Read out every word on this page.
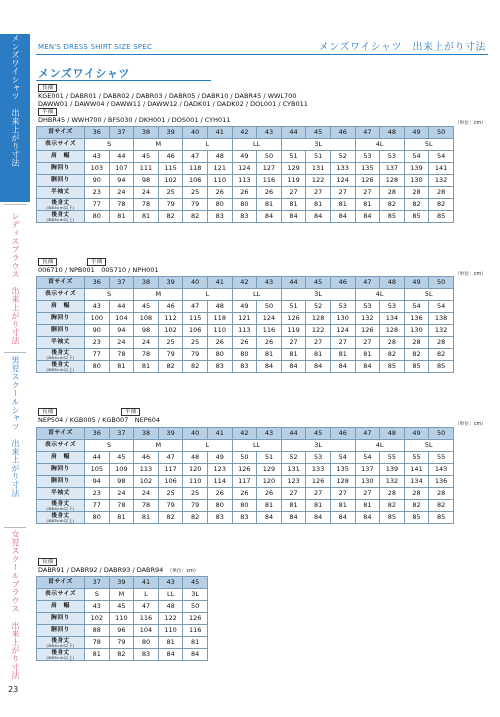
メンズワイシャツ　出来上がり寸法
レディスブラウス　出来上がり寸法
男児スクールシャツ　出来上がり寸法
女児スクールブラウス　出来上がり寸法
23
MEN'S DRESS SHIRT SIZE SPEC	メンズワイシャツ　出来上がり寸法
メンズワイシャツ
長袖
KGE001 / DABR01 / DABR02 / DABR03 / DABR05 / DABR10 / DABR45 / WWL700
DAWW01 / DAWW04 / DAWW11 / DAWW12 / DADK01 / DADK02 / DOL001 / CYB011
半袖
DHBR45 / WWH700 / BFS030 / DKH001 / DOS001 / CYH011	（単位：cm）
首サイズ	36	37	38	39	40	41	42	43	44	45	46	47	48	49	50
表示サイズ	S		M		L		LL		3L			4L		5L	
肩　幅	43	44	45	46	47	48	49	50	51	51	52	53	53	54	54
胸回り	103	107	111	115	118	121	124	127	129	131	133	135	137	139	141
胴回り	90	94	98	102	106	110	113	116	119	122	124	126	128	130	132
半袖丈	23	24	24	25	25	26	26	26	27	27	27	27	28	28	28
後身丈
(B84cm以下)	77	78	78	79	79	80	80	81	81	81	81	81	82	82	82
後身丈
(B85cm以上)	80	81	81	82	82	83	83	84	84	84	84	84	85	85	85
長袖	半袖
006710 / NPB001　005710 / NPH001
（単位：cm）
首サイズ	36	37	38	39	40	41	42	43	44	45	46	47	48	49	50
表示サイズ	S		M		L		LL		3L			4L		5L	
肩　幅	43	44	45	46	47	48	49	50	51	52	53	53	53	54	54
胸回り	100	104	108	112	115	118	121	124	126	128	130	132	134	136	138
胴回り	90	94	98	102	106	110	113	116	119	122	124	126	128	130	132
半袖丈	23	24	24	25	25	26	26	26	27	27	27	27	28	28	28
後身丈
(B84cm以下)	77	78	78	79	79	80	80	81	81	81	81	81	82	82	82
後身丈
(B85cm以上)	80	81	81	82	82	83	83	84	84	84	84	84	85	85	85
長袖	半袖
NEP504 / KGB005 / KGB007　NEP604
（単位：cm）
首サイズ	36	37	38	39	40	41	42	43	44	45	46	47	48	49	50
表示サイズ	S		M		L		LL		3L			4L		5L	
肩　幅	44	45	46	47	48	49	50	51	52	53	54	54	55	55	55
胸回り	105	109	113	117	120	123	126	129	131	133	135	137	139	141	143
胴回り	94	98	102	106	110	114	117	120	123	126	128	130	132	134	136
半袖丈	23	24	24	25	25	26	26	26	27	27	27	27	28	28	28
後身丈
(B84cm以下)	77	78	78	79	79	80	80	81	81	81	81	81	82	82	82
後身丈
(B85cm以上)	80	81	81	82	82	83	83	84	84	84	84	84	85	85	85
長袖
DABR91 / DABR92 / DABR93 / DABR94 （単位：cm）
首サイズ	37	39	41	43	45
表示サイズ	S	M	L	LL	3L
肩　幅	43	45	47	48	50
胸回り	102	110	116	122	126
胴回り	88	96	104	110	116
後身丈
(B84cm以下)	78	79	80	81	81
後身丈
(B85cm以上)	81	82	83	84	84
